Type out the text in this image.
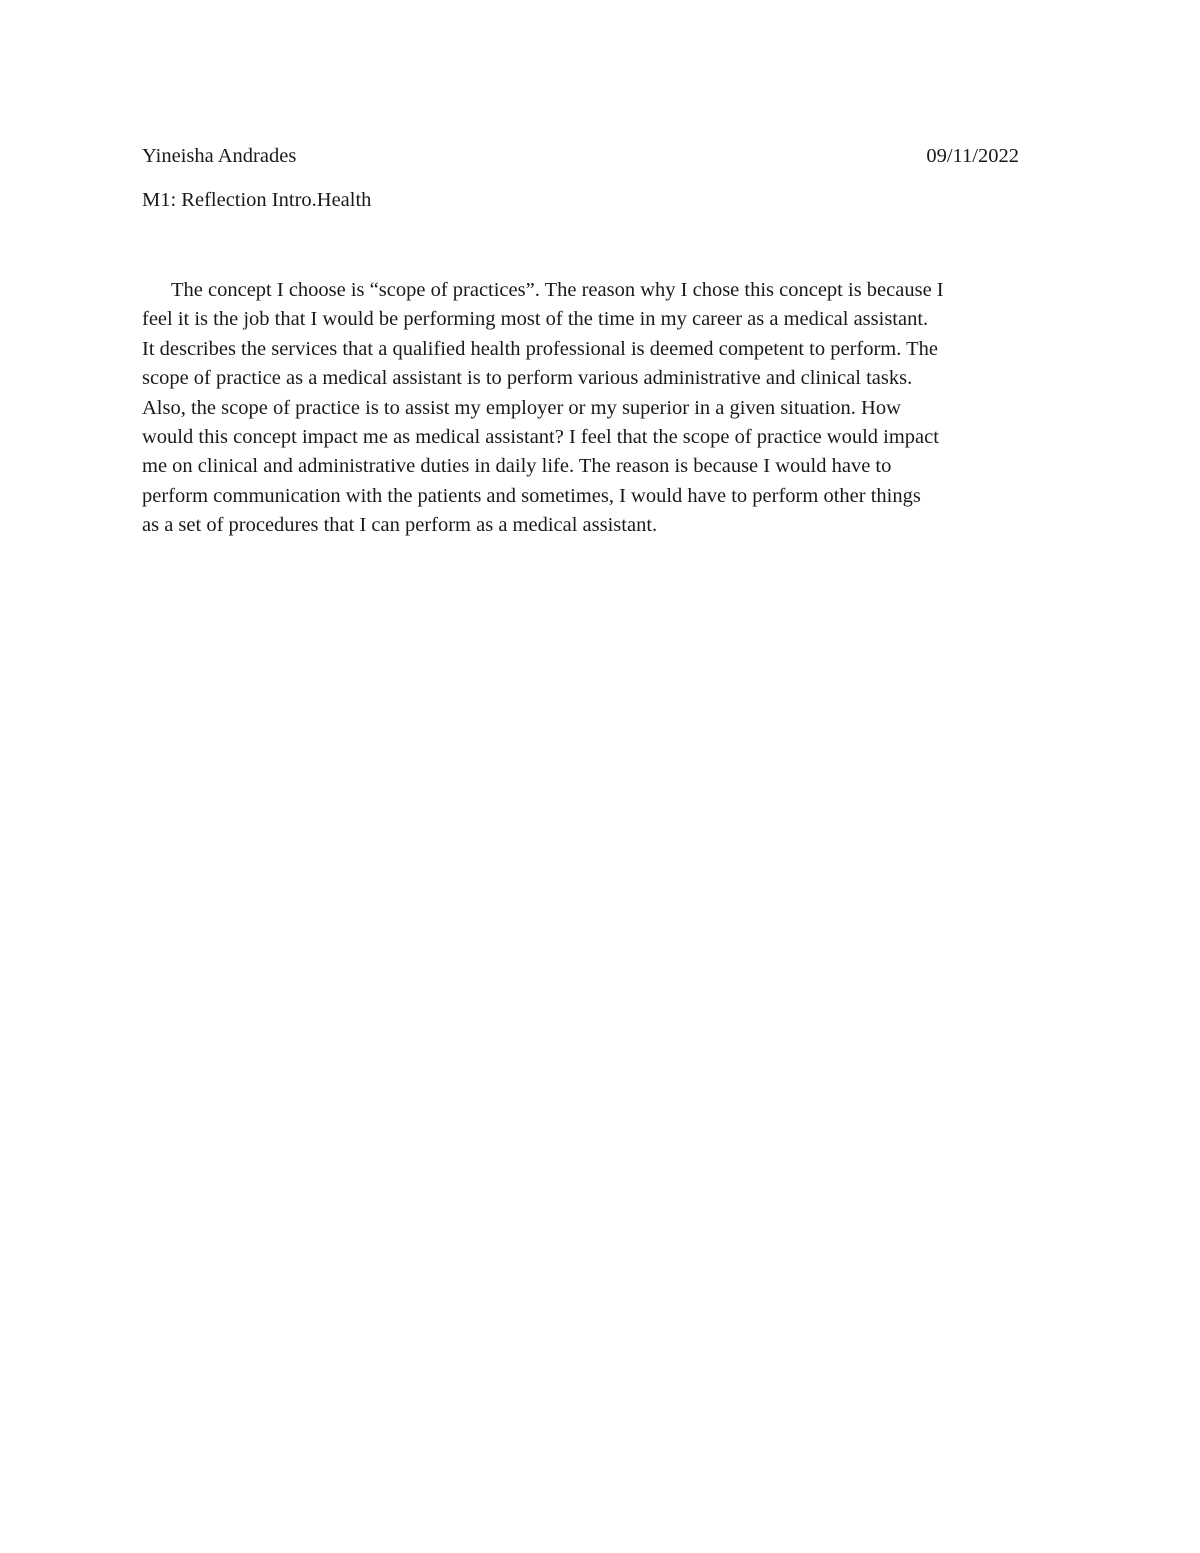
Yineisha Andrades	09/11/2022
M1: Reflection Intro.Health
The concept I choose is “scope of practices”. The reason why I chose this concept is because I
feel it is the job that I would be performing most of the time in my career as a medical assistant.
It describes the services that a qualified health professional is deemed competent to perform. The
scope of practice as a medical assistant is to perform various administrative and clinical tasks.
Also, the scope of practice is to assist my employer or my superior in a given situation. How
would this concept impact me as medical assistant? I feel that the scope of practice would impact
me on clinical and administrative duties in daily life. The reason is because I would have to
perform communication with the patients and sometimes, I would have to perform other things
as a set of procedures that I can perform as a medical assistant.
